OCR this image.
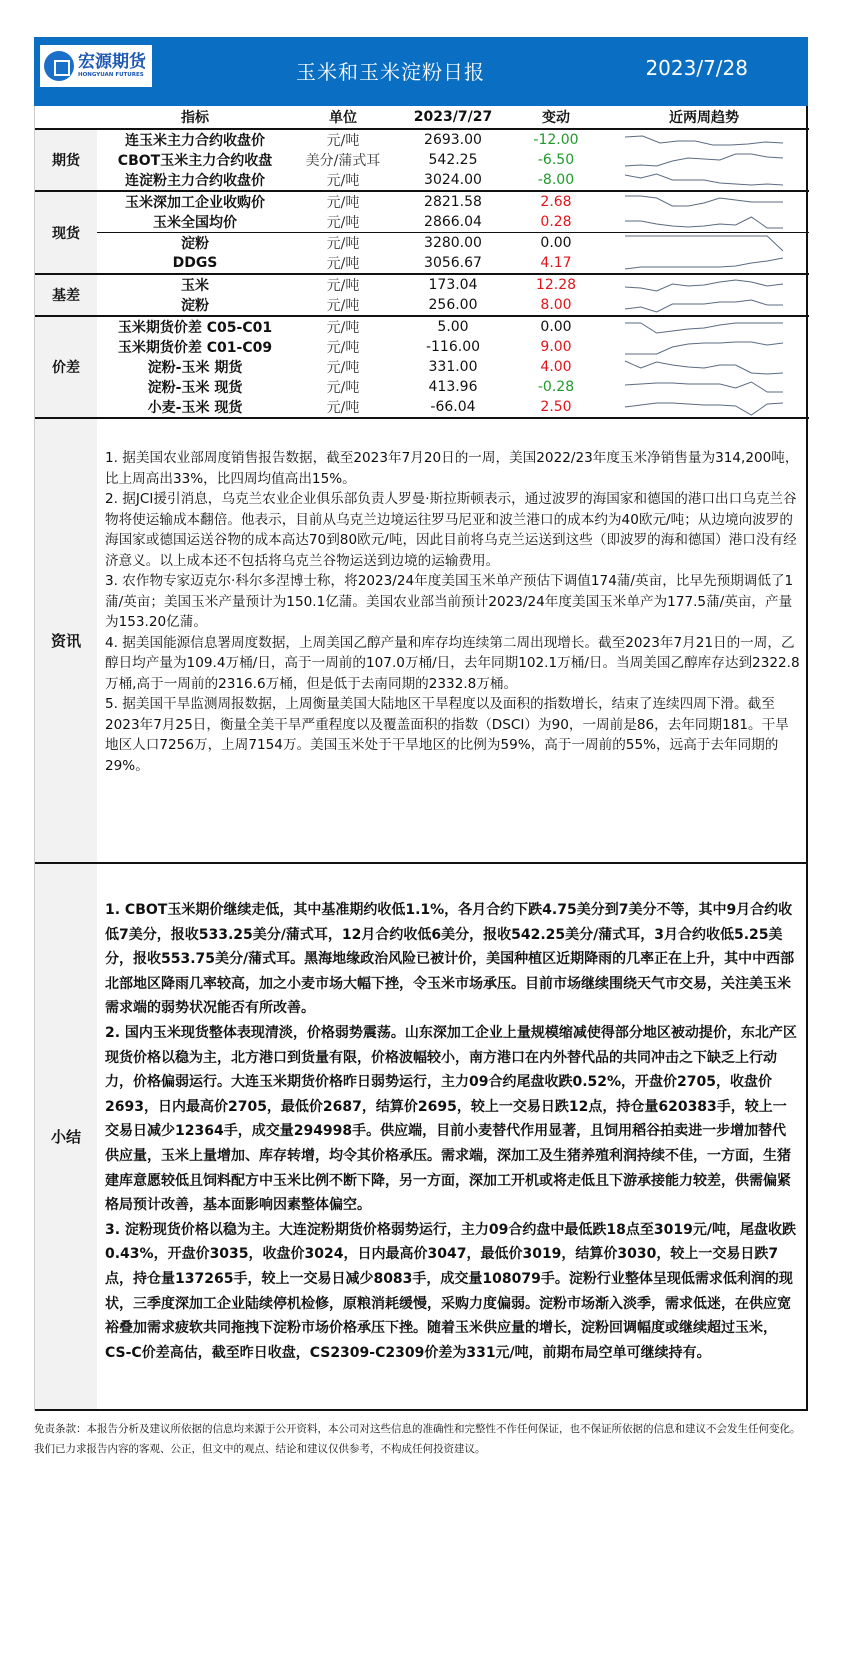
宏源期货
HONGYUAN FUTURES	玉米和玉米淀粉日报	2023/7/28
	指标	单位	2023/7/27	变动	近两周趋势
期货	连玉米主力合约收盘价	元/吨	2693.00	-12.00	

	CBOT玉米主力合约收盘	美分/蒲式耳	542.25	-6.50	

	连淀粉主力合约收盘价	元/吨	3024.00	-8.00	

现货	玉米深加工企业收购价	元/吨	2821.58	2.68	

	玉米全国均价	元/吨	2866.04	0.28	

	淀粉	元/吨	3280.00	0.00	

	DDGS	元/吨	3056.67	4.17	

基差	玉米	元/吨	173.04	12.28	

	淀粉	元/吨	256.00	8.00	

价差	玉米期货价差 C05-C01	元/吨	5.00	0.00	

	玉米期货价差 C01-C09	元/吨	-116.00	9.00	

	淀粉-玉米 期货	元/吨	331.00	4.00	

	淀粉-玉米 现货	元/吨	413.96	-0.28	

	小麦-玉米 现货	元/吨	-66.04	2.50	
资讯

1. 据美国农业部周度销售报告数据，截至2023年7月20日的一周，美国2022/23年度玉米净销售量为314,200吨，比上周高出33%，比四周均值高出15%。

2. 据JCI援引消息，乌克兰农业企业俱乐部负责人罗曼·斯拉斯顿表示，通过波罗的海国家和德国的港口出口乌克兰谷物将使运输成本翻倍。他表示，目前从乌克兰边境运往罗马尼亚和波兰港口的成本约为40欧元/吨；从边境向波罗的海国家或德国运送谷物的成本高达70到80欧元/吨，因此目前将乌克兰运送到这些（即波罗的海和德国）港口没有经济意义。以上成本还不包括将乌克兰谷物运送到边境的运输费用。

3. 农作物专家迈克尔·科尔多涅博士称，将2023/24年度美国玉米单产预估下调值174蒲/英亩，比早先预期调低了1蒲/英亩；美国玉米产量预计为150.1亿蒲。美国农业部当前预计2023/24年度美国玉米单产为177.5蒲/英亩，产量为153.20亿蒲。

4. 据美国能源信息署周度数据，上周美国乙醇产量和库存均连续第二周出现增长。截至2023年7月21日的一周，乙醇日均产量为109.4万桶/日，高于一周前的107.0万桶/日，去年同期102.1万桶/日。当周美国乙醇库存达到2322.8万桶,高于一周前的2316.6万桶，但是低于去南同期的2332.8万桶。

5. 据美国干旱监测周报数据，上周衡量美国大陆地区干旱程度以及面积的指数增长，结束了连续四周下滑。截至2023年7月25日，衡量全美干旱严重程度以及覆盖面积的指数（DSCI）为90，一周前是86，去年同期181。干旱地区人口7256万，上周7154万。美国玉米处于干旱地区的比例为59%，高于一周前的55%，远高于去年同期的29%。

小结

1. CBOT玉米期价继续走低，其中基准期约收低1.1%，各月合约下跌4.75美分到7美分不等，其中9月合约收低7美分，报收533.25美分/蒲式耳，12月合约收低6美分，报收542.25美分/蒲式耳，3月合约收低5.25美分，报收553.75美分/蒲式耳。黑海地缘政治风险已被计价，美国种植区近期降雨的几率正在上升，其中中西部北部地区降雨几率较高，加之小麦市场大幅下挫，令玉米市场承压。目前市场继续围绕天气市交易，关注美玉米需求端的弱势状况能否有所改善。

2. 国内玉米现货整体表现清淡，价格弱势震荡。山东深加工企业上量规模缩减使得部分地区被动提价，东北产区现货价格以稳为主，北方港口到货量有限，价格波幅较小，南方港口在内外替代品的共同冲击之下缺乏上行动力，价格偏弱运行。大连玉米期货价格昨日弱势运行，主力09合约尾盘收跌0.52%，开盘价2705，收盘价2693，日内最高价2705，最低价2687，结算价2695，较上一交易日跌12点，持仓量620383手，较上一交易日减少12364手，成交量294998手。供应端，目前小麦替代作用显著，且饲用稻谷拍卖进一步增加替代供应量，玉米上量增加、库存转增，均令其价格承压。需求端，深加工及生猪养殖利润持续不佳，一方面，生猪建库意愿较低且饲料配方中玉米比例不断下降，另一方面，深加工开机或将走低且下游承接能力较差，供需偏紧格局预计改善，基本面影响因素整体偏空。

3. 淀粉现货价格以稳为主。大连淀粉期货价格弱势运行，主力09合约盘中最低跌18点至3019元/吨，尾盘收跌0.43%，开盘价3035，收盘价3024，日内最高价3047，最低价3019，结算价3030，较上一交易日跌7点，持仓量137265手，较上一交易日减少8083手，成交量108079手。淀粉行业整体呈现低需求低利润的现状，三季度深加工企业陆续停机检修，原粮消耗缓慢，采购力度偏弱。淀粉市场渐入淡季，需求低迷，在供应宽裕叠加需求疲软共同拖拽下淀粉市场价格承压下挫。随着玉米供应量的增长，淀粉回调幅度或继续超过玉米，CS-C价差高估，截至昨日收盘，CS2309-C2309价差为331元/吨，前期布局空单可继续持有。

免责条款：本报告分析及建议所依据的信息均来源于公开资料，本公司对这些信息的准确性和完整性不作任何保证，也不保证所依据的信息和建议不会发生任何变化。我们已力求报告内容的客观、公正，但文中的观点、结论和建议仅供参考，不构成任何投资建议。
